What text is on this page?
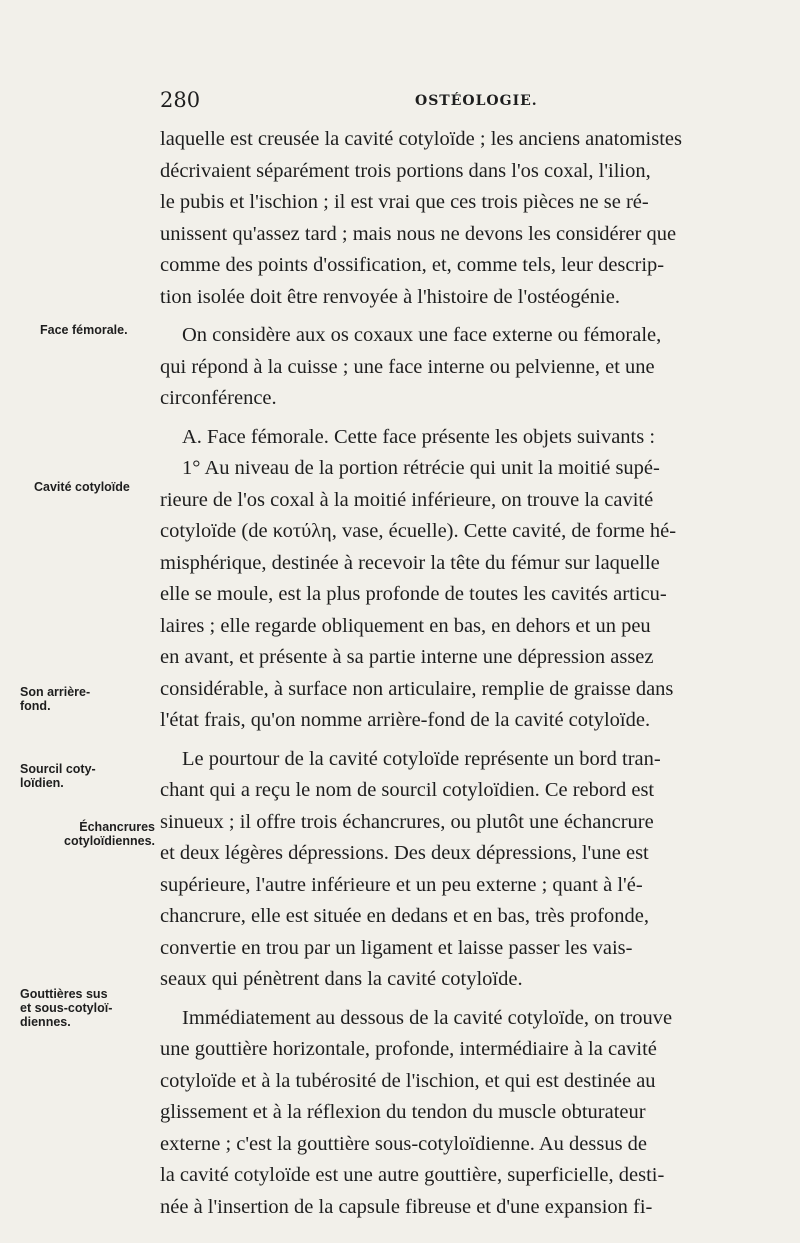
280	OSTÉOLOGIE.
Face fémorale.
Cavité cotyloïde
Son arrière-
fond.
Sourcil coty-
loïdien.
Échancrures
cotyloïdiennes.
Gouttières sus
et sous-cotyloï-
diennes.
laquelle est creusée la cavité cotyloïde ; les anciens anatomistes
décrivaient séparément trois portions dans l'os coxal, l'ilion,
le pubis et l'ischion ; il est vrai que ces trois pièces ne se ré-
unissent qu'assez tard ; mais nous ne devons les considérer que
comme des points d'ossification, et, comme tels, leur descrip-
tion isolée doit être renvoyée à l'histoire de l'ostéogénie.
On considère aux os coxaux une face externe ou fémorale,
qui répond à la cuisse ; une face interne ou pelvienne, et une
circonférence.
A. Face fémorale. Cette face présente les objets suivants :
1° Au niveau de la portion rétrécie qui unit la moitié supé-
rieure de l'os coxal à la moitié inférieure, on trouve la cavité
cotyloïde (de κοτύλη, vase, écuelle). Cette cavité, de forme hé-
misphérique, destinée à recevoir la tête du fémur sur laquelle
elle se moule, est la plus profonde de toutes les cavités articu-
laires ; elle regarde obliquement en bas, en dehors et un peu
en avant, et présente à sa partie interne une dépression assez
considérable, à surface non articulaire, remplie de graisse dans
l'état frais, qu'on nomme arrière-fond de la cavité cotyloïde.
Le pourtour de la cavité cotyloïde représente un bord tran-
chant qui a reçu le nom de sourcil cotyloïdien. Ce rebord est
sinueux ; il offre trois échancrures, ou plutôt une échancrure
et deux légères dépressions. Des deux dépressions, l'une est
supérieure, l'autre inférieure et un peu externe ; quant à l'é-
chancrure, elle est située en dedans et en bas, très profonde,
convertie en trou par un ligament et laisse passer les vais-
seaux qui pénètrent dans la cavité cotyloïde.
Immédiatement au dessous de la cavité cotyloïde, on trouve
une gouttière horizontale, profonde, intermédiaire à la cavité
cotyloïde et à la tubérosité de l'ischion, et qui est destinée au
glissement et à la réflexion du tendon du muscle obturateur
externe ; c'est la gouttière sous-cotyloïdienne. Au dessus de
la cavité cotyloïde est une autre gouttière, superficielle, desti-
née à l'insertion de la capsule fibreuse et d'une expansion fi-
